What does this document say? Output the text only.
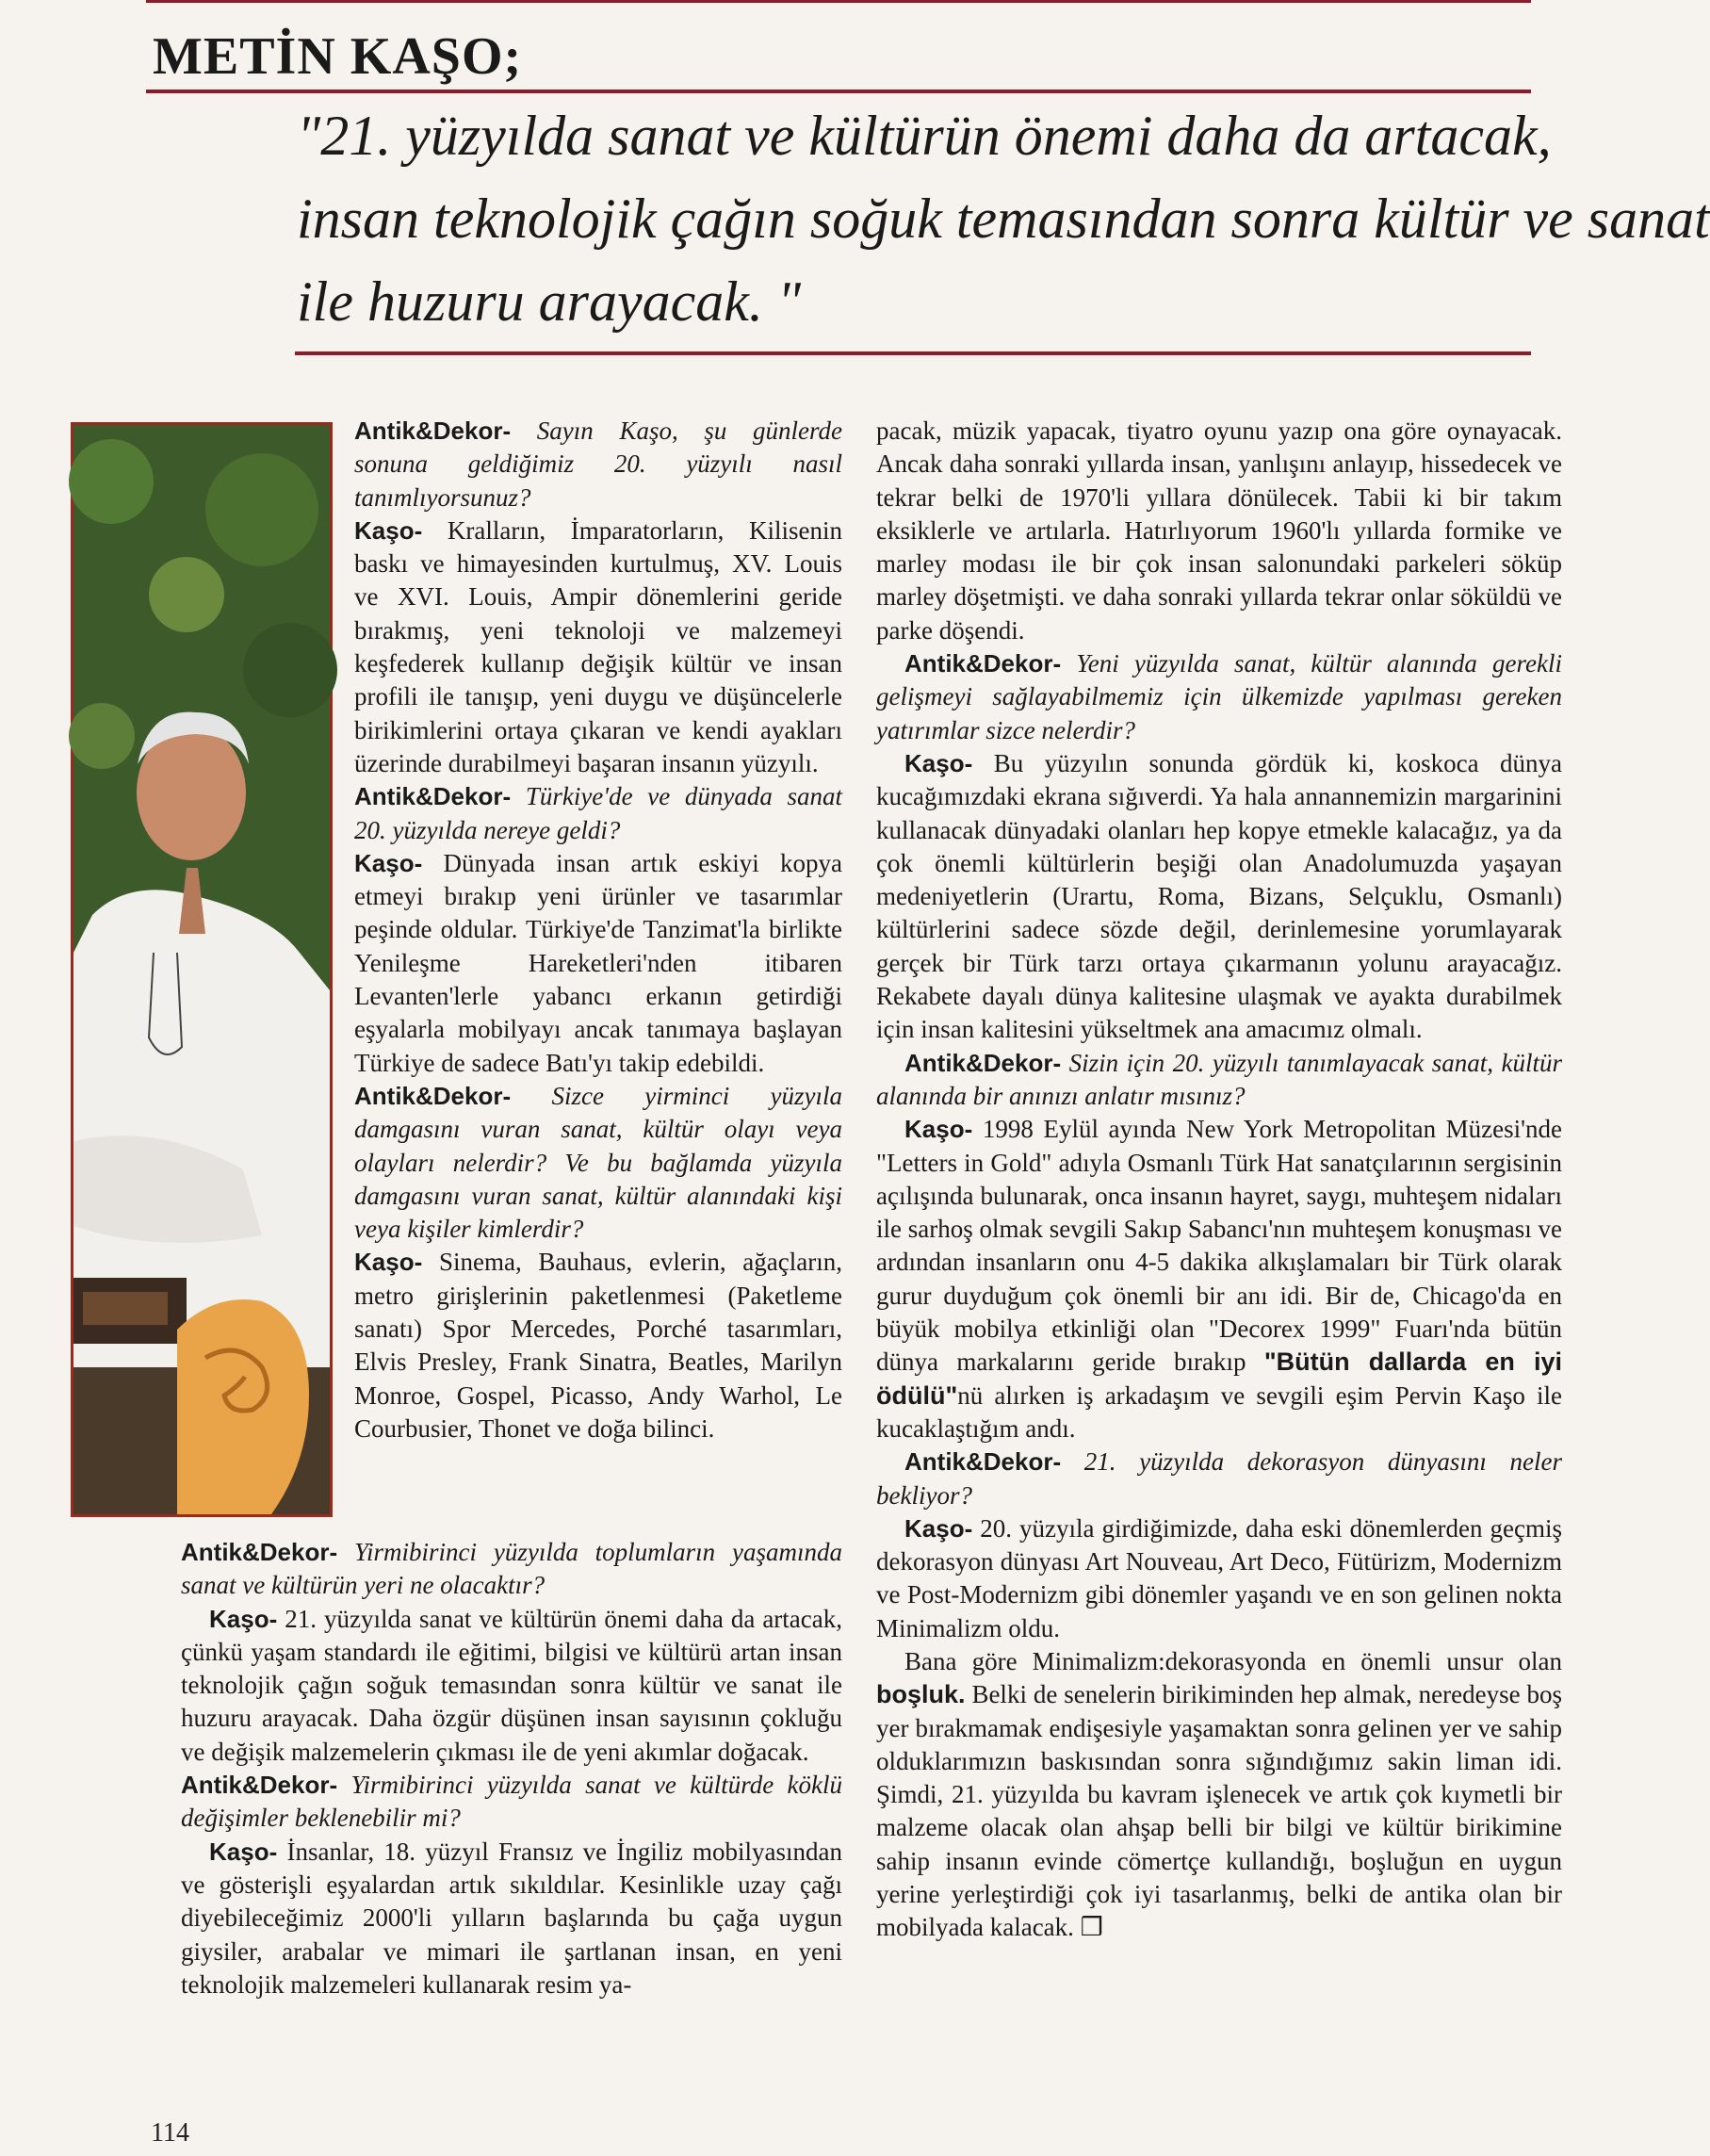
METİN KAŞO;
"21. yüzyılda sanat ve kültürün önemi daha da artacak,
insan teknolojik çağın soğuk temasından sonra kültür ve sanat
ile huzuru arayacak. "

Antik&Dekor- Sayın Kaşo, şu günlerde sonuna geldiğimiz 20. yüzyılı nasıl tanımlıyorsunuz?

Kaşo- Kralların, İmparatorların, Kilisenin baskı ve himayesinden kurtulmuş, XV. Louis ve XVI. Louis, Ampir dönemlerini geride bırakmış, yeni teknoloji ve malzemeyi keşfederek kullanıp değişik kültür ve insan profili ile tanışıp, yeni duygu ve düşüncelerle birikimlerini ortaya çıkaran ve kendi ayakları üzerinde durabilmeyi başaran insanın yüzyılı.

Antik&Dekor- Türkiye'de ve dünyada sanat 20. yüzyılda nereye geldi?

Kaşo- Dünyada insan artık eskiyi kopya etmeyi bırakıp yeni ürünler ve tasarımlar peşinde oldular. Türkiye'de Tanzimat'la birlikte Yenileşme Hareketleri'nden itibaren Levanten'lerle yabancı erkanın getirdiği eşyalarla mobilyayı ancak tanımaya başlayan Türkiye de sadece Batı'yı takip edebildi.

Antik&Dekor- Sizce yirminci yüzyıla damgasını vuran sanat, kültür olayı veya olayları nelerdir? Ve bu bağlamda yüzyıla damgasını vuran sanat, kültür alanındaki kişi veya kişiler kimlerdir?

Kaşo- Sinema, Bauhaus, evlerin, ağaçların, metro girişlerinin paketlenmesi (Paketleme sanatı) Spor Mercedes, Porché tasarımları, Elvis Presley, Frank Sinatra, Beatles, Marilyn Monroe, Gospel, Picasso, Andy Warhol, Le Courbusier, Thonet ve doğa bilinci.

Antik&Dekor- Yirmibirinci yüzyılda toplumların yaşamında sanat ve kültürün yeri ne olacaktır?

Kaşo- 21. yüzyılda sanat ve kültürün önemi daha da artacak, çünkü yaşam standardı ile eğitimi, bilgisi ve kültürü artan insan teknolojik çağın soğuk temasından sonra kültür ve sanat ile huzuru arayacak. Daha özgür düşünen insan sayısının çokluğu ve değişik malzemelerin çıkması ile de yeni akımlar doğacak.

Antik&Dekor- Yirmibirinci yüzyılda sanat ve kültürde köklü değişimler beklenebilir mi?

Kaşo- İnsanlar, 18. yüzyıl Fransız ve İngiliz mobilyasından ve gösterişli eşyalardan artık sıkıldılar. Kesinlikle uzay çağı diyebileceğimiz 2000'li yılların başlarında bu çağa uygun giysiler, arabalar ve mimari ile şartlanan insan, en yeni teknolojik malzemeleri kullanarak resim ya-

pacak, müzik yapacak, tiyatro oyunu yazıp ona göre oynayacak. Ancak daha sonraki yıllarda insan, yanlışını anlayıp, hissedecek ve tekrar belki de 1970'li yıllara dönülecek. Tabii ki bir takım eksiklerle ve artılarla. Hatırlıyorum 1960'lı yıllarda formike ve marley modası ile bir çok insan salonundaki parkeleri söküp marley döşetmişti. ve daha sonraki yıllarda tekrar onlar söküldü ve parke döşendi.

Antik&Dekor- Yeni yüzyılda sanat, kültür alanında gerekli gelişmeyi sağlayabilmemiz için ülkemizde yapılması gereken yatırımlar sizce nelerdir?

Kaşo- Bu yüzyılın sonunda gördük ki, koskoca dünya kucağımızdaki ekrana sığıverdi. Ya hala annannemizin margarinini kullanacak dünyadaki olanları hep kopye etmekle kalacağız, ya da çok önemli kültürlerin beşiği olan Anadolumuzda yaşayan medeniyetlerin (Urartu, Roma, Bizans, Selçuklu, Osmanlı) kültürlerini sadece sözde değil, derinlemesine yorumlayarak gerçek bir Türk tarzı ortaya çıkarmanın yolunu arayacağız. Rekabete dayalı dünya kalitesine ulaşmak ve ayakta durabilmek için insan kalitesini yükseltmek ana amacımız olmalı.

Antik&Dekor- Sizin için 20. yüzyılı tanımlayacak sanat, kültür alanında bir anınızı anlatır mısınız?

Kaşo- 1998 Eylül ayında New York Metropolitan Müzesi'nde "Letters in Gold" adıyla Osmanlı Türk Hat sanatçılarının sergisinin açılışında bulunarak, onca insanın hayret, saygı, muhteşem nidaları ile sarhoş olmak sevgili Sakıp Sabancı'nın muhteşem konuşması ve ardından insanların onu 4-5 dakika alkışlamaları bir Türk olarak gurur duyduğum çok önemli bir anı idi. Bir de, Chicago'da en büyük mobilya etkinliği olan "Decorex 1999" Fuarı'nda bütün dünya markalarını geride bırakıp "Bütün dallarda en iyi ödülü"nü alırken iş arkadaşım ve sevgili eşim Pervin Kaşo ile kucaklaştığım andı.

Antik&Dekor- 21. yüzyılda dekorasyon dünyasını neler bekliyor?

Kaşo- 20. yüzyıla girdiğimizde, daha eski dönemlerden geçmiş dekorasyon dünyası Art Nouveau, Art Deco, Fütürizm, Modernizm ve Post-Modernizm gibi dönemler yaşandı ve en son gelinen nokta Minimalizm oldu.

Bana göre Minimalizm:dekorasyonda en önemli unsur olan boşluk. Belki de senelerin birikiminden hep almak, neredeyse boş yer bırakmamak endişesiyle yaşamaktan sonra gelinen yer ve sahip olduklarımızın baskısından sonra sığındığımız sakin liman idi. Şimdi, 21. yüzyılda bu kavram işlenecek ve artık çok kıymetli bir malzeme olacak olan ahşap belli bir bilgi ve kültür birikimine sahip insanın evinde cömertçe kullandığı, boşluğun en uygun yerine yerleştirdiği çok iyi tasarlanmış, belki de antika olan bir mobilyada kalacak. ❒

114
